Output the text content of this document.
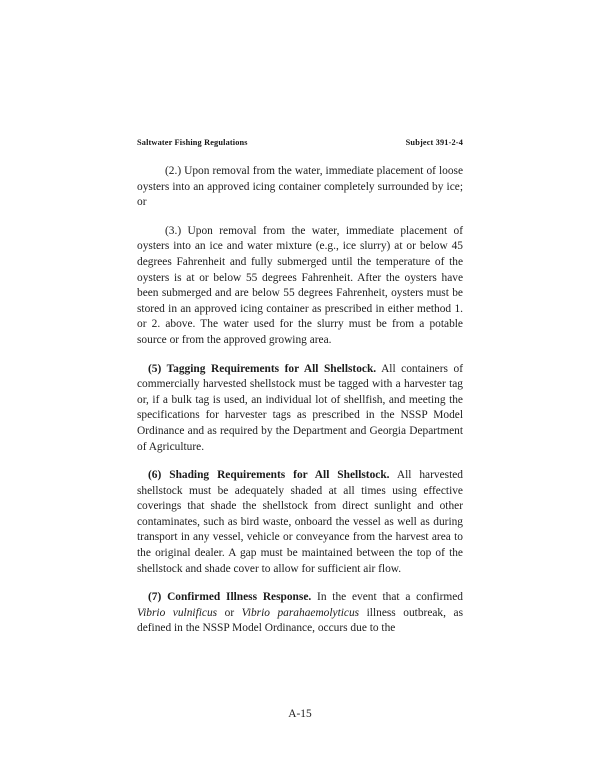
Saltwater Fishing Regulations	Subject 391-2-4

(2.) Upon removal from the water, immediate placement of loose oysters into an approved icing container completely surrounded by ice; or

(3.) Upon removal from the water, immediate placement of oysters into an ice and water mixture (e.g., ice slurry) at or below 45 degrees Fahrenheit and fully submerged until the temperature of the oysters is at or below 55 degrees Fahrenheit. After the oysters have been submerged and are below 55 degrees Fahrenheit, oysters must be stored in an approved icing container as prescribed in either method 1. or 2. above. The water used for the slurry must be from a potable source or from the approved growing area.

(5) Tagging Requirements for All Shellstock. All containers of commercially harvested shellstock must be tagged with a harvester tag or, if a bulk tag is used, an individual lot of shellfish, and meeting the specifications for harvester tags as prescribed in the NSSP Model Ordinance and as required by the Department and Georgia Department of Agriculture.

(6) Shading Requirements for All Shellstock. All harvested shellstock must be adequately shaded at all times using effective coverings that shade the shellstock from direct sunlight and other contaminates, such as bird waste, onboard the vessel as well as during transport in any vessel, vehicle or conveyance from the harvest area to the original dealer. A gap must be maintained between the top of the shellstock and shade cover to allow for sufficient air flow.

(7) Confirmed Illness Response. In the event that a confirmed Vibrio vulnificus or Vibrio parahaemolyticus illness outbreak, as defined in the NSSP Model Ordinance, occurs due to the

A-15
